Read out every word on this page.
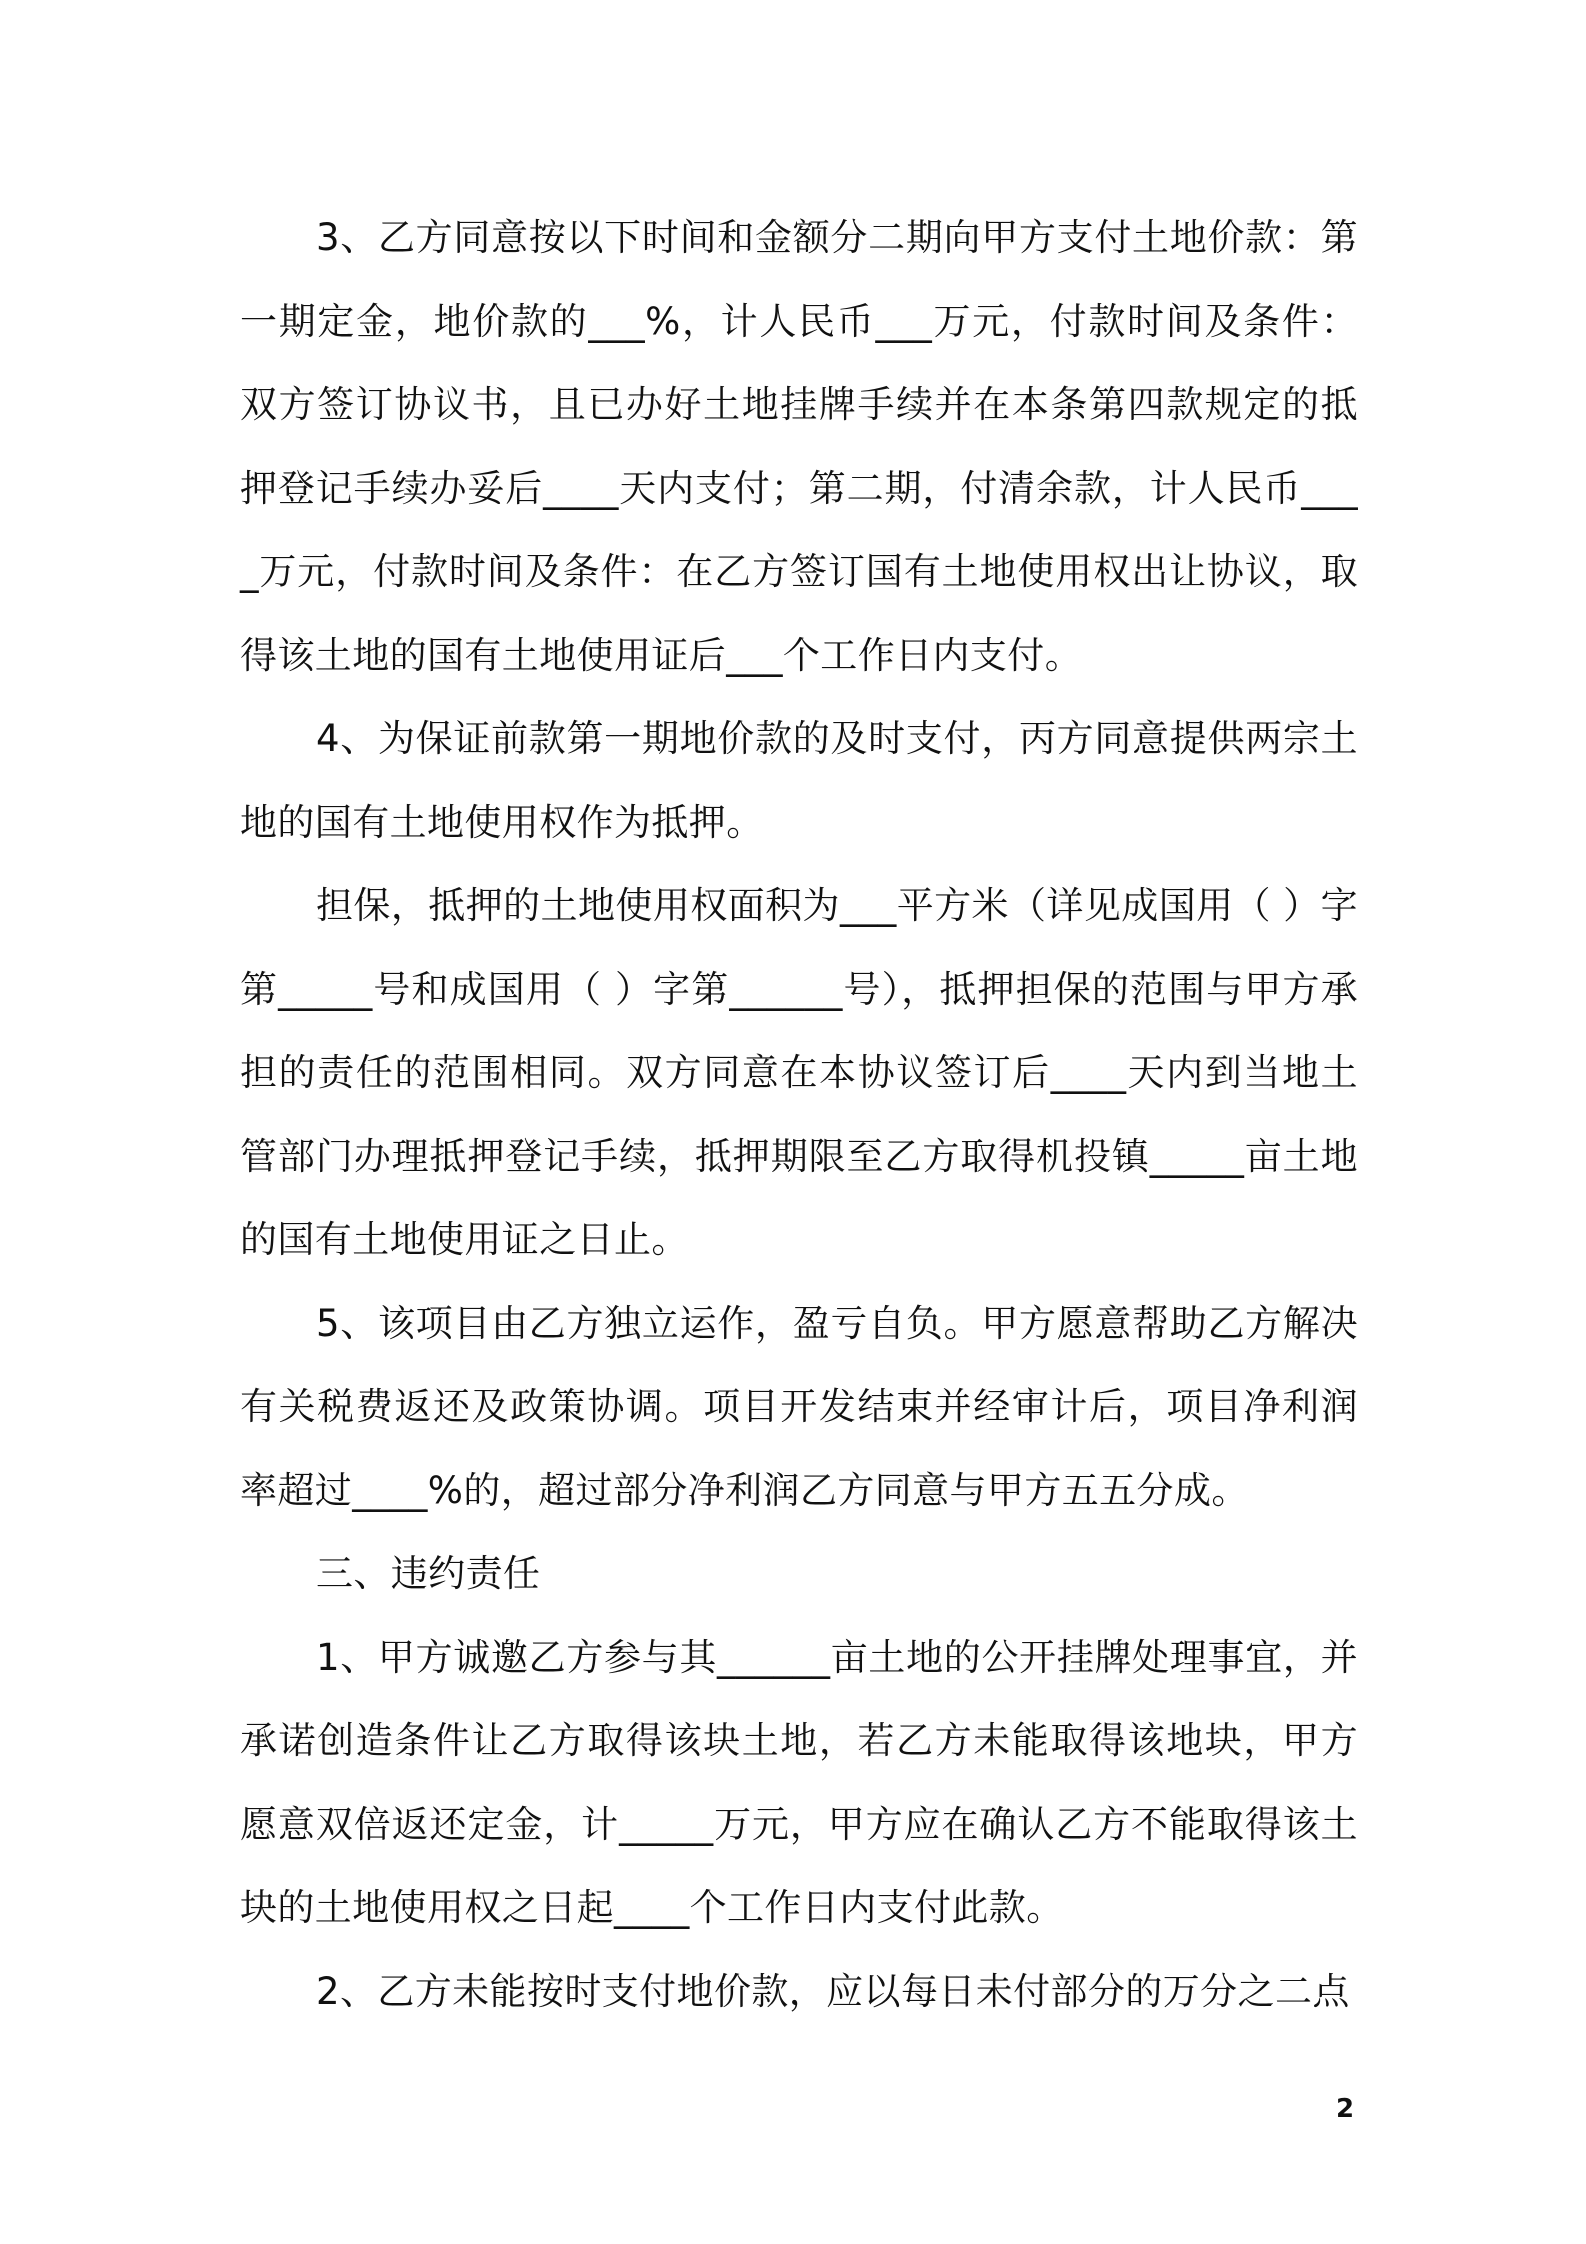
3、乙方同意按以下时间和金额分二期向甲方支付土地价款：第一期定金，地价款的___%，计人民币___万元，付款时间及条件：双方签订协议书，且已办好土地挂牌手续并在本条第四款规定的抵押登记手续办妥后____天内支付；第二期，付清余款，计人民币____万元，付款时间及条件：在乙方签订国有土地使用权出让协议，取得该土地的国有土地使用证后___个工作日内支付。

4、为保证前款第一期地价款的及时支付，丙方同意提供两宗土地的国有土地使用权作为抵押。

担保，抵押的土地使用权面积为___平方米（详见成国用（ ）字第_____号和成国用（ ）字第______号），抵押担保的范围与甲方承担的责任的范围相同。双方同意在本协议签订后____天内到当地土管部门办理抵押登记手续，抵押期限至乙方取得机投镇_____亩土地的国有土地使用证之日止。

5、该项目由乙方独立运作，盈亏自负。甲方愿意帮助乙方解决有关税费返还及政策协调。项目开发结束并经审计后，项目净利润率超过____%的，超过部分净利润乙方同意与甲方五五分成。

三、违约责任

1、甲方诚邀乙方参与其______亩土地的公开挂牌处理事宜，并承诺创造条件让乙方取得该块土地，若乙方未能取得该地块，甲方愿意双倍返还定金，计_____万元，甲方应在确认乙方不能取得该土块的土地使用权之日起____个工作日内支付此款。

2、乙方未能按时支付地价款，应以每日未付部分的万分之二点

2
